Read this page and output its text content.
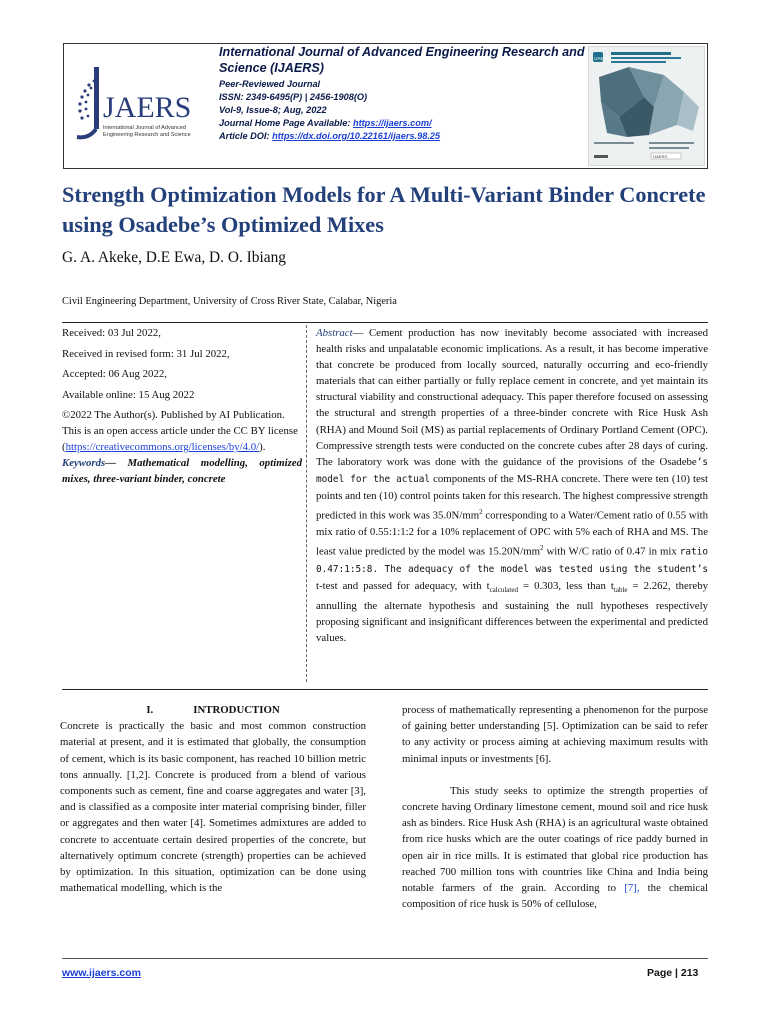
JAERS
International Journal of Advanced
Engineering Research and Science

International Journal of Advanced Engineering Research and Science (IJAERS)

Peer-Reviewed Journal

ISSN: 2349-6495(P) | 2456-1908(O)

Vol-9, Issue-8; Aug, 2022

Journal Home Page Available: https://ijaers.com/

Article DOI: https://dx.doi.org/10.22161/ijaers.98.25

IJAERS
IJAERS
Strength Optimization Models for A Multi-Variant Binder Concrete using Osadebe’s Optimized Mixes
G. A. Akeke, D.E Ewa, D. O. Ibiang
Civil Engineering Department, University of Cross River State, Calabar, Nigeria

Received: 03 Jul 2022,

Received in revised form: 31 Jul 2022,

Accepted: 06 Aug 2022,

Available online: 15 Aug 2022

©2022 The Author(s). Published by AI Publication. This is an open access article under the CC BY license

(https://creativecommons.org/licenses/by/4.0/).

Keywords— Mathematical modelling, optimized mixes, three-variant binder, concrete

Abstract— Cement production has now inevitably become associated with increased health risks and unpalatable economic implications. As a result, it has become imperative that concrete be produced from locally sourced, naturally occurring and eco-friendly materials that can either partially or fully replace cement in concrete, and yet maintain its structural viability and constructional adequacy. This paper therefore focused on assessing the structural and strength properties of a three-binder concrete with Rice Husk Ash (RHA) and Mound Soil (MS) as partial replacements of Ordinary Portland Cement (OPC). Compressive strength tests were conducted on the concrete cubes after 28 days of curing. The laboratory work was done with the guidance of the provisions of the Osadebe’s model for the actual components of the MS-RHA concrete. There were ten (10) test points and ten (10) control points taken for this research. The highest compressive strength predicted in this work was $35.0N/mm^2$ corresponding to a Water/Cement ratio of 0.55 with mix ratio of 0.55:1:1:2 for a 10% replacement of OPC with 5% each of RHA and MS. The least value predicted by the model was $15.20N/mm^2$ with W/C ratio of 0.47 in mix ratio 0.47:1:5:8. The adequacy of the model was tested using the student’s t-test and passed for adequacy, with $t_{calculated} = 0.303$, less than $t_{table} = 2.262$, thereby annulling the alternate hypothesis and sustaining the null hypotheses respectively proposing significant and insignificant differences between the experimental and predicted values.

I.	INTRODUCTION

Concrete is practically the basic and most common construction material at present, and it is estimated that globally, the consumption of cement, which is its basic component, has reached 10 billion metric tons annually. [1,2]. Concrete is produced from a blend of various components such as cement, fine and coarse aggregates and water [3], and is classified as a composite inter material comprising binder, filler or aggregates and then water [4]. Sometimes admixtures are added to concrete to accentuate certain desired properties of the concrete, but alternatively optimum concrete (strength) properties can be achieved by optimization. In this situation, optimization can be done using mathematical modelling, which is the

process of mathematically representing a phenomenon for the purpose of gaining better understanding [5]. Optimization can be said to refer to any activity or process aiming at achieving maximum results with minimal inputs or investments [6].

This study seeks to optimize the strength properties of concrete having Ordinary limestone cement, mound soil and rice husk ash as binders. Rice Husk Ash (RHA) is an agricultural waste obtained from rice husks which are the outer coatings of rice paddy burned in open air in rice mills. It is estimated that global rice production has reached 700 million tons with countries like China and India being notable farmers of the grain. According to [7], the chemical composition of rice husk is 50% of cellulose,

www.ijaers.com	Page | 213
